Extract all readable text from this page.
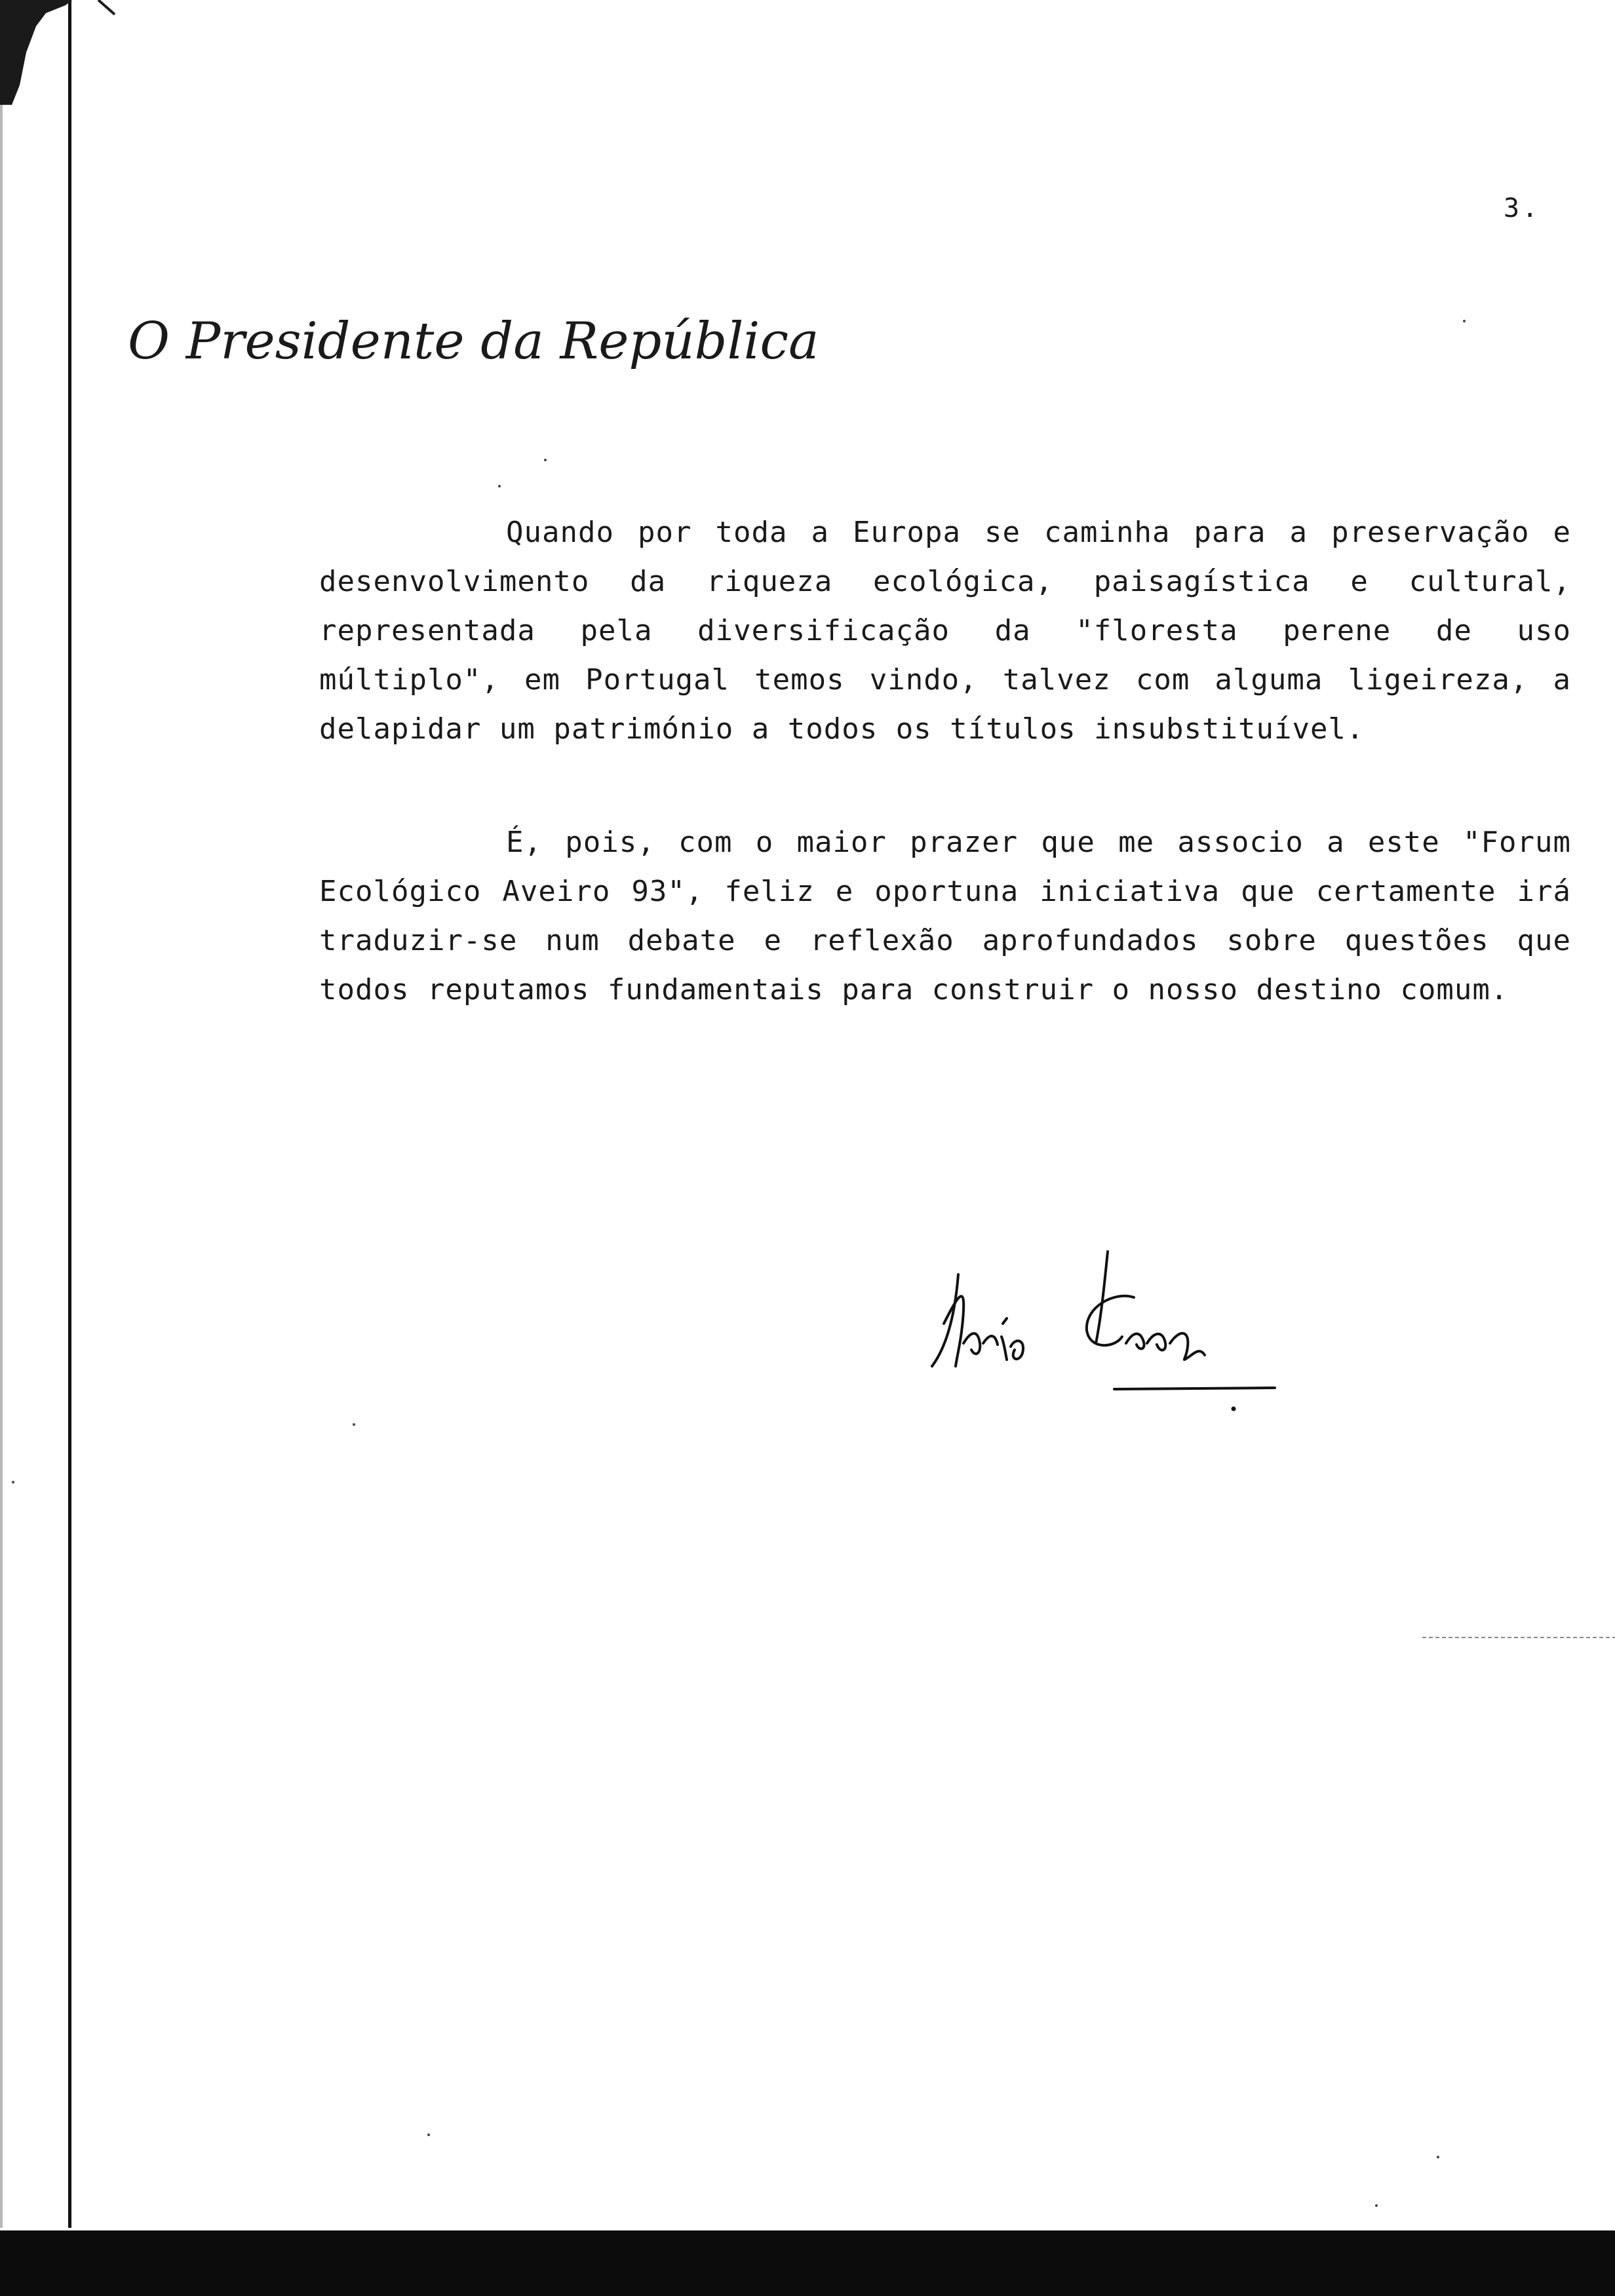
3.
O Presidente da República

Quando por toda a Europa se caminha para a preservação e desenvolvimento da riqueza ecológica, paisagística e cultural, representada pela diversificação da "floresta perene de uso múltiplo", em Portugal temos vindo, talvez com alguma ligeireza, a delapidar um património a todos os títulos insubstituível.

É, pois, com o maior prazer que me associo a este "Forum Ecológico Aveiro 93", feliz e oportuna iniciativa que certamente irá traduzir-se num debate e reflexão aprofundados sobre questões que todos reputamos fundamentais para construir o nosso destino comum.
